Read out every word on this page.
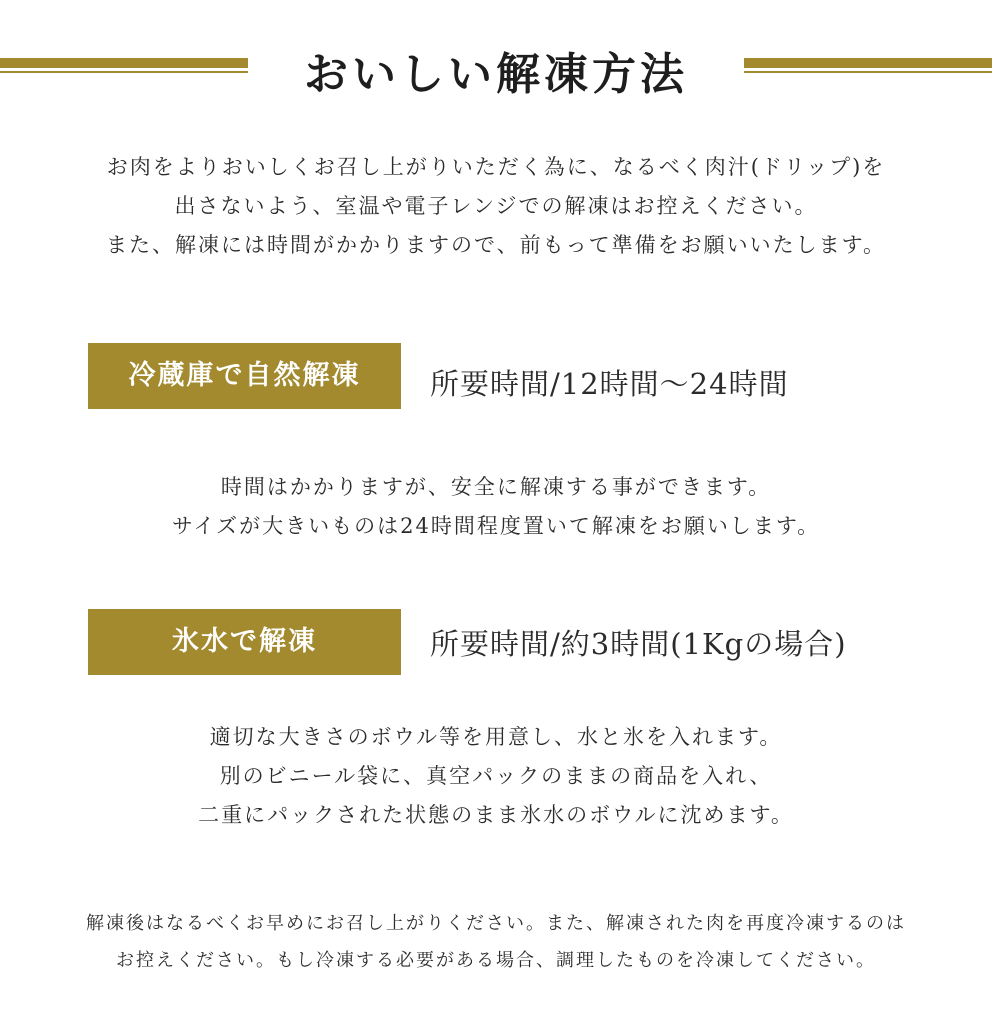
おいしい解凍方法
お肉をよりおいしくお召し上がりいただく為に、なるべく肉汁(ドリップ)を
出さないよう、室温や電子レンジでの解凍はお控えください。
また、解凍には時間がかかりますので、前もって準備をお願いいたします。
冷蔵庫で自然解凍	所要時間/12時間～24時間
時間はかかりますが、安全に解凍する事ができます。
サイズが大きいものは24時間程度置いて解凍をお願いします。
氷水で解凍	所要時間/約3時間(1Kgの場合)
適切な大きさのボウル等を用意し、水と氷を入れます。
別のビニール袋に、真空パックのままの商品を入れ、
二重にパックされた状態のまま氷水のボウルに沈めます。
解凍後はなるべくお早めにお召し上がりください。また、解凍された肉を再度冷凍するのは
お控えください。もし冷凍する必要がある場合、調理したものを冷凍してください。
